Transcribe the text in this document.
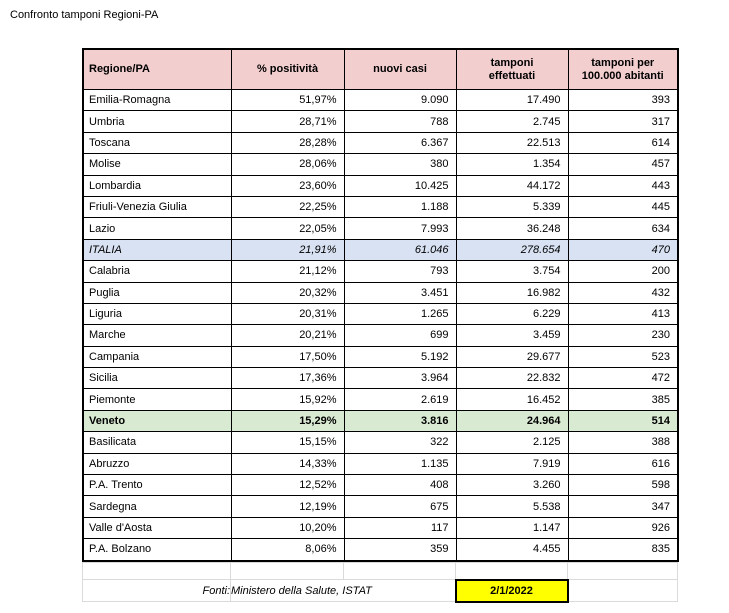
Confronto tamponi Regioni-PA
Regione/PA	% positività	nuovi casi	tamponi effettuati	tamponi per 100.000 abitanti
Emilia-Romagna	51,97%	9.090	17.490	393
Umbria	28,71%	788	2.745	317
Toscana	28,28%	6.367	22.513	614
Molise	28,06%	380	1.354	457
Lombardia	23,60%	10.425	44.172	443
Friuli-Venezia Giulia	22,25%	1.188	5.339	445
Lazio	22,05%	7.993	36.248	634
ITALIA	21,91%	61.046	278.654	470
Calabria	21,12%	793	3.754	200
Puglia	20,32%	3.451	16.982	432
Liguria	20,31%	1.265	6.229	413
Marche	20,21%	699	3.459	230
Campania	17,50%	5.192	29.677	523
Sicilia	17,36%	3.964	22.832	472
Piemonte	15,92%	2.619	16.452	385
Veneto	15,29%	3.816	24.964	514
Basilicata	15,15%	322	2.125	388
Abruzzo	14,33%	1.135	7.919	616
P.A. Trento	12,52%	408	3.260	598
Sardegna	12,19%	675	5.538	347
Valle d'Aosta	10,20%	117	1.147	926
P.A. Bolzano	8,06%	359	4.455	835

Fonti:	Ministero della Salute, ISTAT		2/1/2022	
